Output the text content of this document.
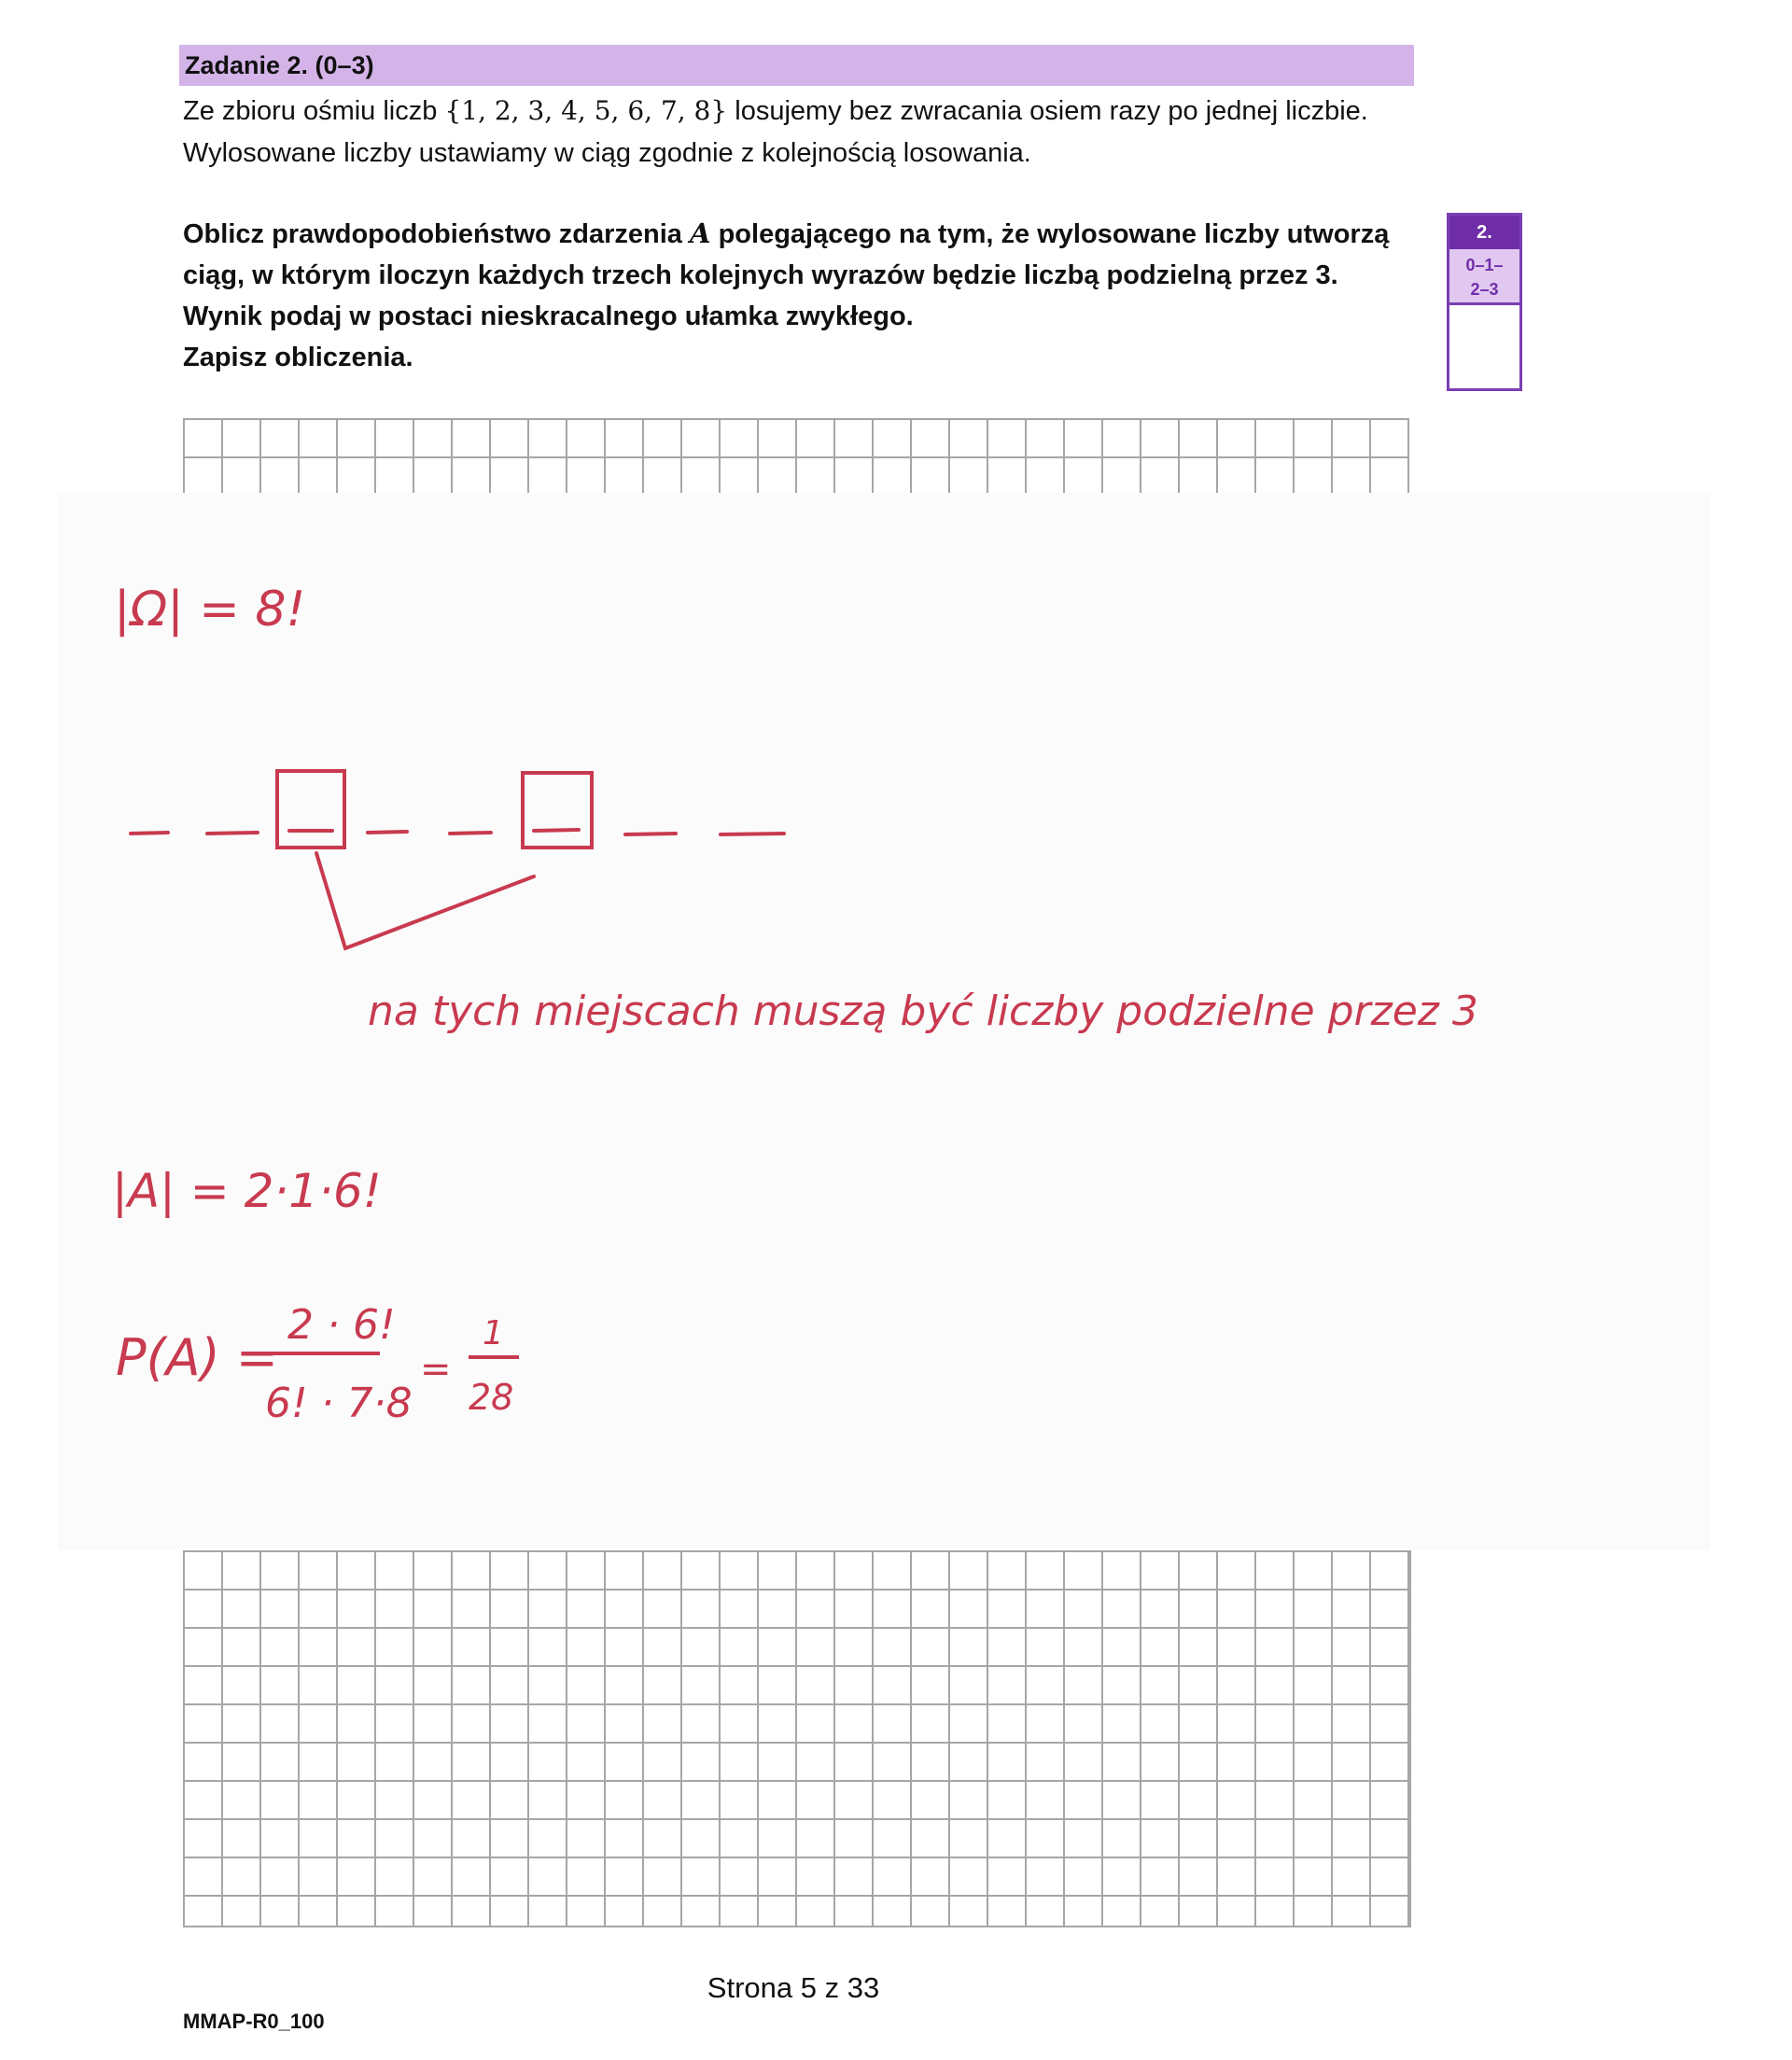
Zadanie 2. (0–3)

Ze zbioru ośmiu liczb {1, 2, 3, 4, 5, 6, 7, 8} losujemy bez zwracania osiem razy po jednej liczbie. Wylosowane liczby ustawiamy w ciąg zgodnie z kolejnością losowania.

Oblicz prawdopodobieństwo zdarzenia A polegającego na tym, że wylosowane liczby utworzą ciąg, w którym iloczyn każdych trzech kolejnych wyrazów będzie liczbą podzielną przez 3. Wynik podaj w postaci nieskracalnego ułamka zwykłego.
Zapisz obliczenia.

2.
0–1–
2–3
|Ω| = 8!
na tych miejscach muszą być liczby podzielne przez 3
|A| = 2·1·6!
P(A) =
2 · 6!
6! · 7·8
=
1
28
Strona 5 z 33
MMAP-R0_100
